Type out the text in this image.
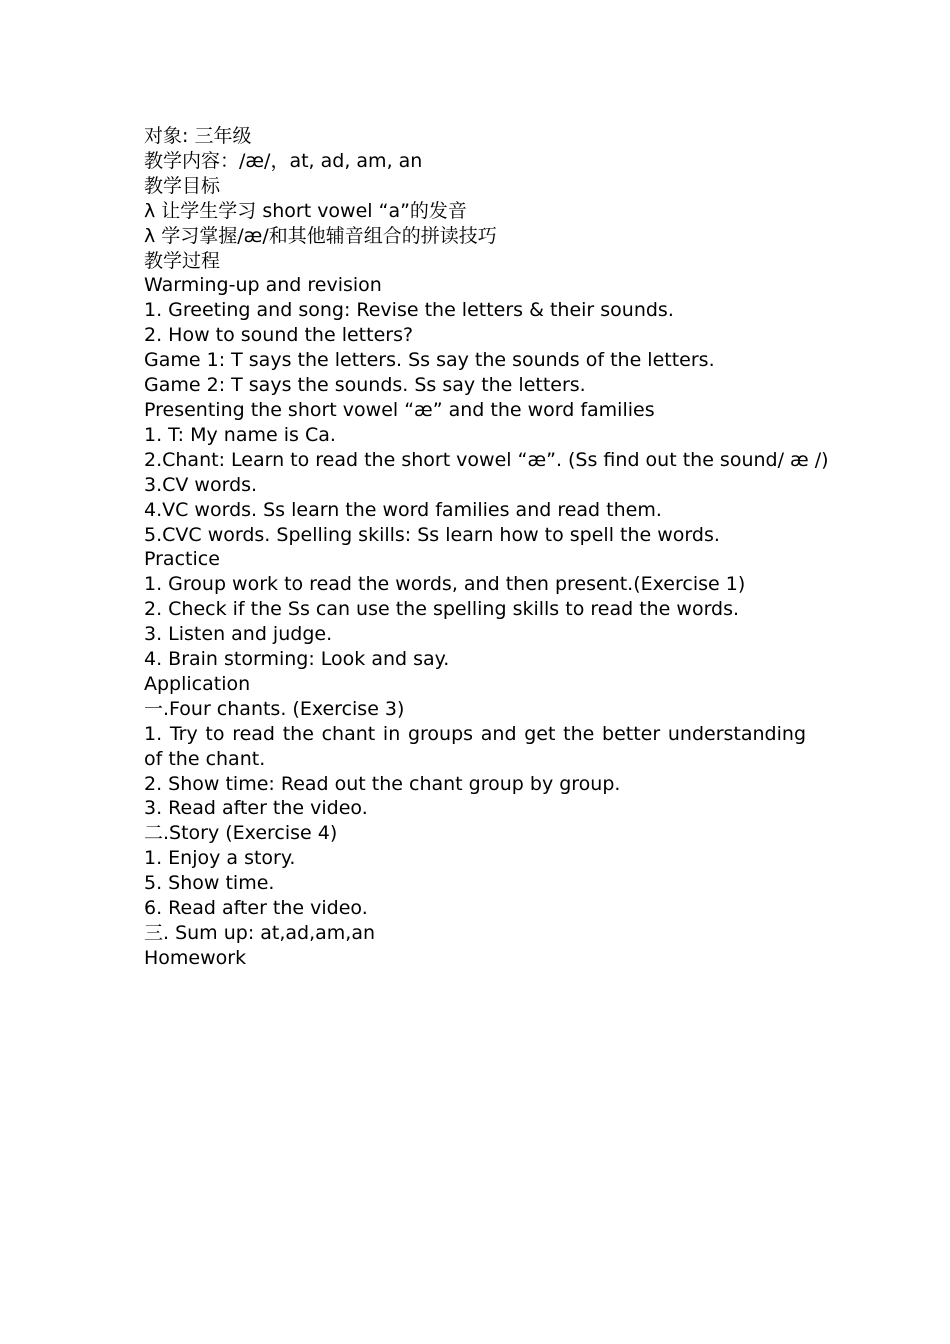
对象: 三年级
教学内容：/æ/，at, ad, am, an
教学目标
λ 让学生学习 short vowel “a”的发音
λ 学习掌握/æ/和其他辅音组合的拼读技巧
教学过程
Warming-up and revision
1. Greeting and song: Revise the letters & their sounds.
2. How to sound the letters?
Game 1: T says the letters. Ss say the sounds of the letters.
Game 2: T says the sounds. Ss say the letters.
Presenting the short vowel “æ” and the word families
1. T: My name is Ca.
2.Chant: Learn to read the short vowel “æ”. (Ss find out the sound/ æ /)
3.CV words.
4.VC words. Ss learn the word families and read them.
5.CVC words. Spelling skills: Ss learn how to spell the words.
Practice
1. Group work to read the words, and then present.(Exercise 1)
2. Check if the Ss can use the spelling skills to read the words.
3. Listen and judge.
4. Brain storming: Look and say.
Application
一.Four chants. (Exercise 3)
1. Try to read the chant in groups and get the better understanding of the chant.
2. Show time: Read out the chant group by group.
3. Read after the video.
二.Story (Exercise 4)
1. Enjoy a story.
5. Show time.
6. Read after the video.
三. Sum up: at,ad,am,an
Homework
